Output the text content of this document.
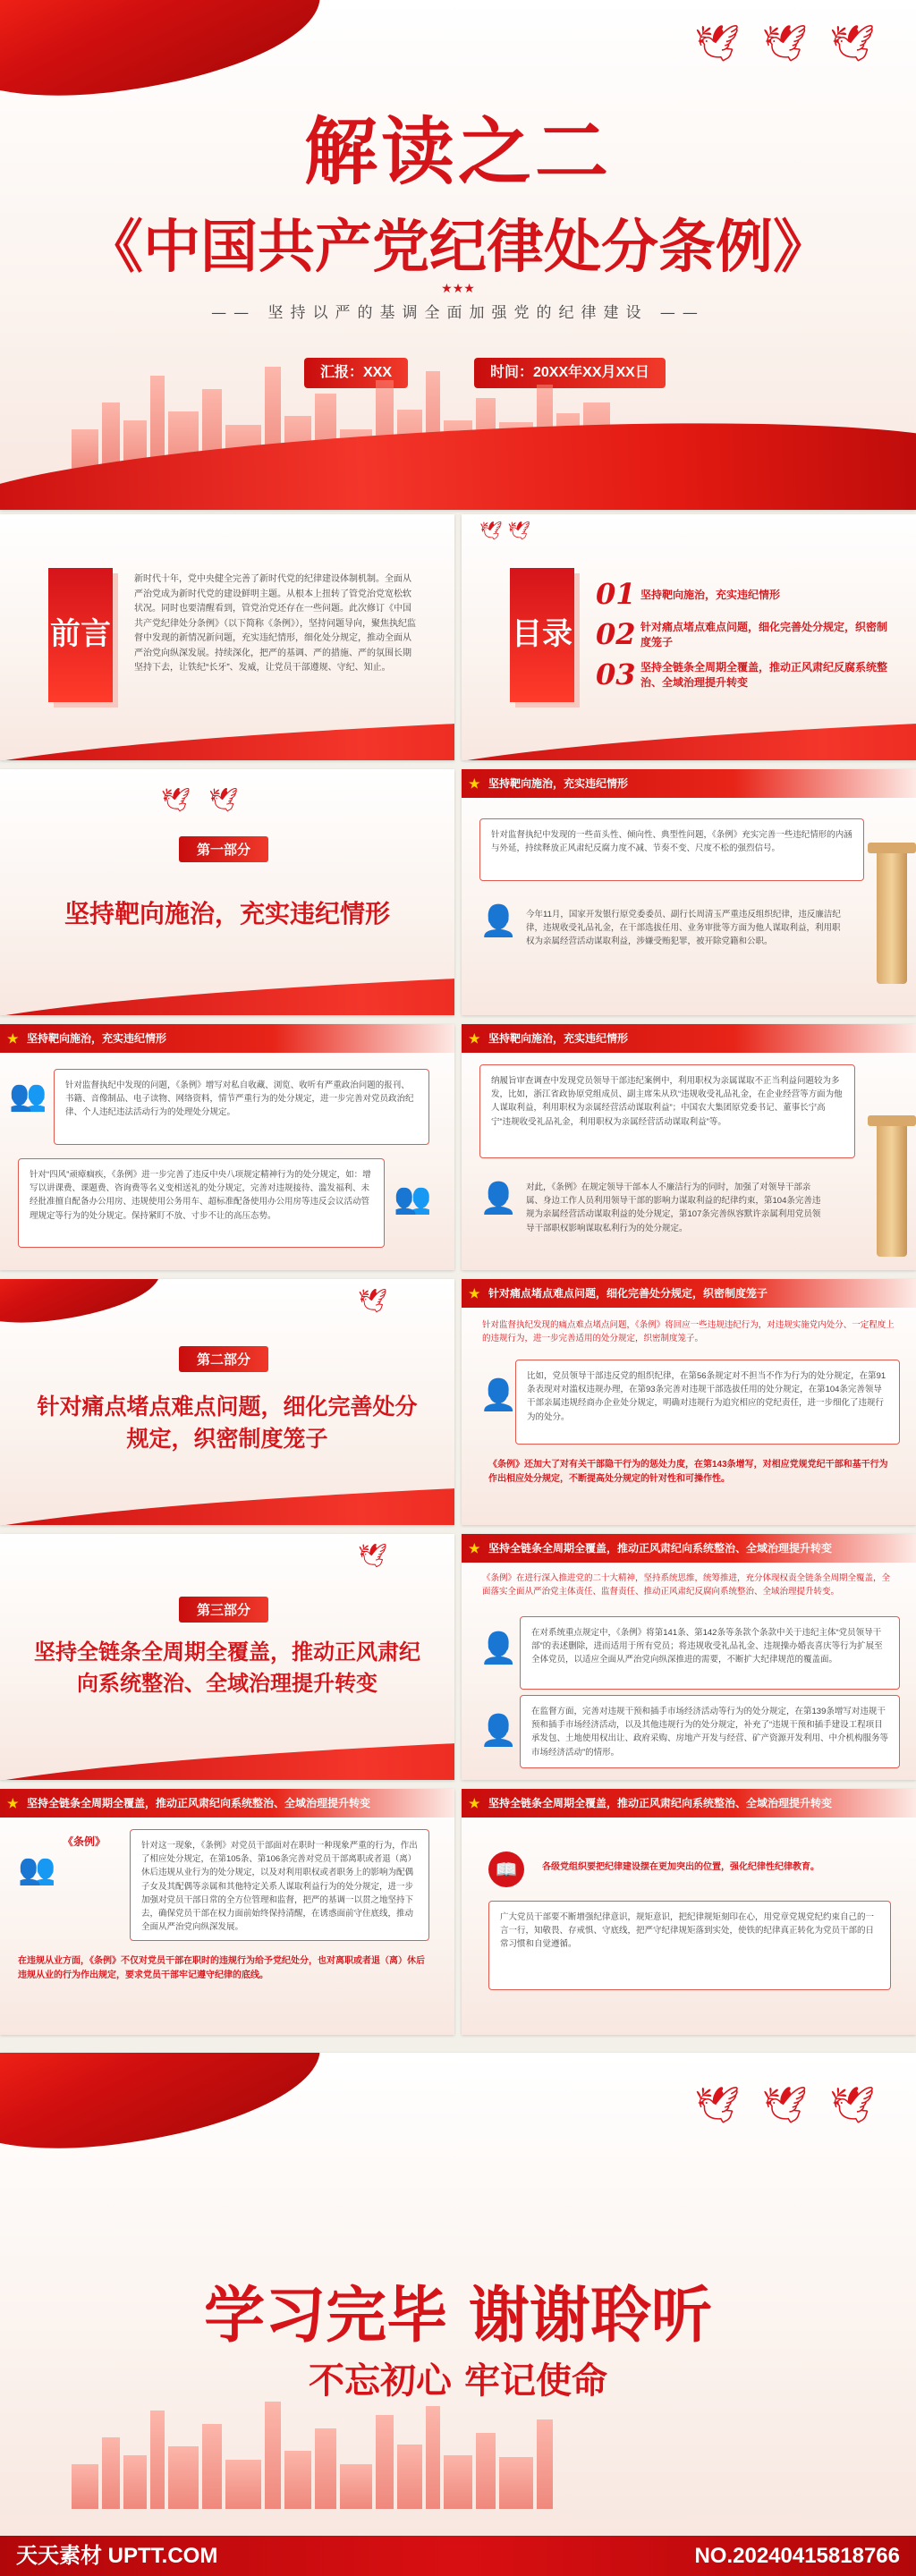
🕊 🕊 🕊
解读之二
《中国共产党纪律处分条例》
★★★
—— 坚持以严的基调全面加强党的纪律建设 ——
汇报：XXX	时间：20XX年XX月XX日
前言
新时代十年，党中央健全完善了新时代党的纪律建设体制机制。全面从严治党成为新时代党的建设鲜明主题。从根本上扭转了管党治党宽松软状况。同时也要清醒看到，管党治党还存在一些问题。此次修订《中国共产党纪律处分条例》（以下简称《条例》），坚持问题导向，聚焦执纪监督中发现的新情况新问题，充实违纪情形，细化处分规定，推动全面从严治党向纵深发展。持续深化，把严的基调、严的措施、严的氛围长期坚持下去，让铁纪“长牙”、发威，让党员干部遵规、守纪、知止。
🕊🕊
目录
01 坚持靶向施治，充实违纪情形
02 针对痛点堵点难点问题，细化完善处分规定，织密制度笼子
03 坚持全链条全周期全覆盖，推动正风肃纪反腐系统整治、全域治理提升转变
🕊 🕊
第一部分
坚持靶向施治，充实违纪情形
★ 坚持靶向施治，充实违纪情形
针对监督执纪中发现的一些苗头性、倾向性、典型性问题，《条例》充实完善一些违纪情形的内涵与外延，持续释放正风肃纪反腐力度不减、节奏不变、尺度不松的强烈信号。
👤	今年11月，国家开发银行原党委委员、副行长周清玉严重违反组织纪律，违反廉洁纪律，违规收受礼品礼金，在干部选拔任用、业务审批等方面为他人谋取利益，利用职权为亲属经营活动谋取利益，涉嫌受贿犯罪，被开除党籍和公职。
★ 坚持靶向施治，充实违纪情形
👥	针对监督执纪中发现的问题，《条例》增写对私自收藏、浏览、收听有严重政治问题的报刊、书籍、音像制品、电子读物、网络资料，情节严重行为的处分规定，进一步完善对党员政治纪律、个人违纪违法活动行为的处理处分规定。
👥
针对“四风”顽瘴痼疾，《条例》进一步完善了违反中央八项规定精神行为的处分规定，如：增写以讲课费、课题费、咨询费等名义变相送礼的处分规定，完善对违规接待、滥发福利、未经批准擅自配备办公用房、违规使用公务用车、超标准配备使用办公用房等违反会议活动管理规定等行为的处分规定。保持紧盯不放、寸步不让的高压态势。
★ 坚持靶向施治，充实违纪情形
纳履旨审查调查中发现党员领导干部违纪案例中，利用职权为亲属谋取不正当利益问题较为多发，比如，浙江省政协原党组成员、副主席朱从玖“违规收受礼品礼金，在企业经营等方面为他人谋取利益，利用职权为亲属经营活动谋取利益”；中国农大集团原党委书记、董事长宁高宁“违规收受礼品礼金，利用职权为亲属经营活动谋取利益”等。
👤	对此，《条例》在规定领导干部本人不廉洁行为的同时，加强了对领导干部亲属、身边工作人员利用领导干部的影响力谋取利益的纪律约束，第104条完善违规为亲属经营活动谋取利益的处分规定，第107条完善纵容默许亲属利用党员领导干部职权影响谋取私利行为的处分规定。
🕊
第二部分
针对痛点堵点难点问题，细化完善处分规定，织密制度笼子
★ 针对痛点堵点难点问题，细化完善处分规定，织密制度笼子
针对监督执纪发现的痛点难点堵点问题，《条例》将回应一些违规违纪行为，对违规实施党内处分、一定程度上的违规行为，进一步完善适用的处分规定，织密制度笼子。
👤
比如，党员领导干部违反党的组织纪律，在第56条规定对不担当不作为行为的处分规定，在第91条表现对对滥权违规办理，在第93条完善对违规干部选拔任用的处分规定，在第104条完善领导干部亲属违规经商办企业处分规定，明确对违规行为追究相应的党纪责任，进一步细化了违规行为的处分。
《条例》还加大了对有关干部隐干行为的惩处力度，在第143条增写，对相应党规党纪干部和基干行为作出相应处分规定，不断提高处分规定的针对性和可操作性。
🕊
第三部分
坚持全链条全周期全覆盖，推动正风肃纪向系统整治、全域治理提升转变
★ 坚持全链条全周期全覆盖，推动正风肃纪向系统整治、全域治理提升转变
《条例》在进行深入推进党的二十大精神，坚持系统思维，统筹推进，充分体现权责全链条全周期全覆盖，全面落实全面从严治党主体责任、监督责任、推动正风肃纪反腐向系统整治、全域治理提升转变。
👤	在对系统重点规定中，《条例》将第141条、第142条等条款个条款中关于违纪主体“党员领导干部”的表述删除，进而适用于所有党员；将违规收受礼品礼金、违规操办婚丧喜庆等行为扩展至全体党员，以适应全面从严治党向纵深推进的需要，不断扩大纪律规范的覆盖面。
👤
在监督方面，完善对违规干预和插手市场经济活动等行为的处分规定，在第139条增写对违规干预和插手市场经济活动，以及其他违规行为的处分规定，补充了“违规干预和插手建设工程项目承发包、土地使用权出让、政府采购、房地产开发与经营、矿产资源开发利用、中介机构服务等市场经济活动”的情形。
★ 坚持全链条全周期全覆盖，推动正风肃纪向系统整治、全域治理提升转变
👥
《条例》	针对这一现象，《条例》对党员干部面对在职时一种现象严重的行为，作出了相应处分规定，在第105条、第106条完善对党员干部离职或者退（离）休后违规从业行为的处分规定，以及对利用职权或者职务上的影响为配偶子女及其配偶等亲属和其他特定关系人谋取利益行为的处分规定，进一步加强对党员干部日常的全方位管理和监督，把严的基调一以贯之地坚持下去，确保党员干部在权力面前始终保持清醒，在诱惑面前守住底线，推动全面从严治党向纵深发展。
在违规从业方面，《条例》不仅对党员干部在职时的违规行为给予党纪处分，也对离职或者退（离）休后违规从业的行为作出规定，要求党员干部牢记遵守纪律的底线。
★ 坚持全链条全周期全覆盖，推动正风肃纪向系统整治、全域治理提升转变
📖	各级党组织要把纪律建设摆在更加突出的位置，强化纪律性纪律教育。
广大党员干部要不断增强纪律意识，规矩意识，把纪律规矩刻印在心，用党章党规党纪约束自己的一言一行，知敬畏、存戒惧、守底线，把严守纪律规矩落到实处，使铁的纪律真正转化为党员干部的日常习惯和自觉遵循。
🕊 🕊 🕊
学习完毕 谢谢聆听
不忘初心 牢记使命
天天素材 UPTT.COM	NO.20240415818766
